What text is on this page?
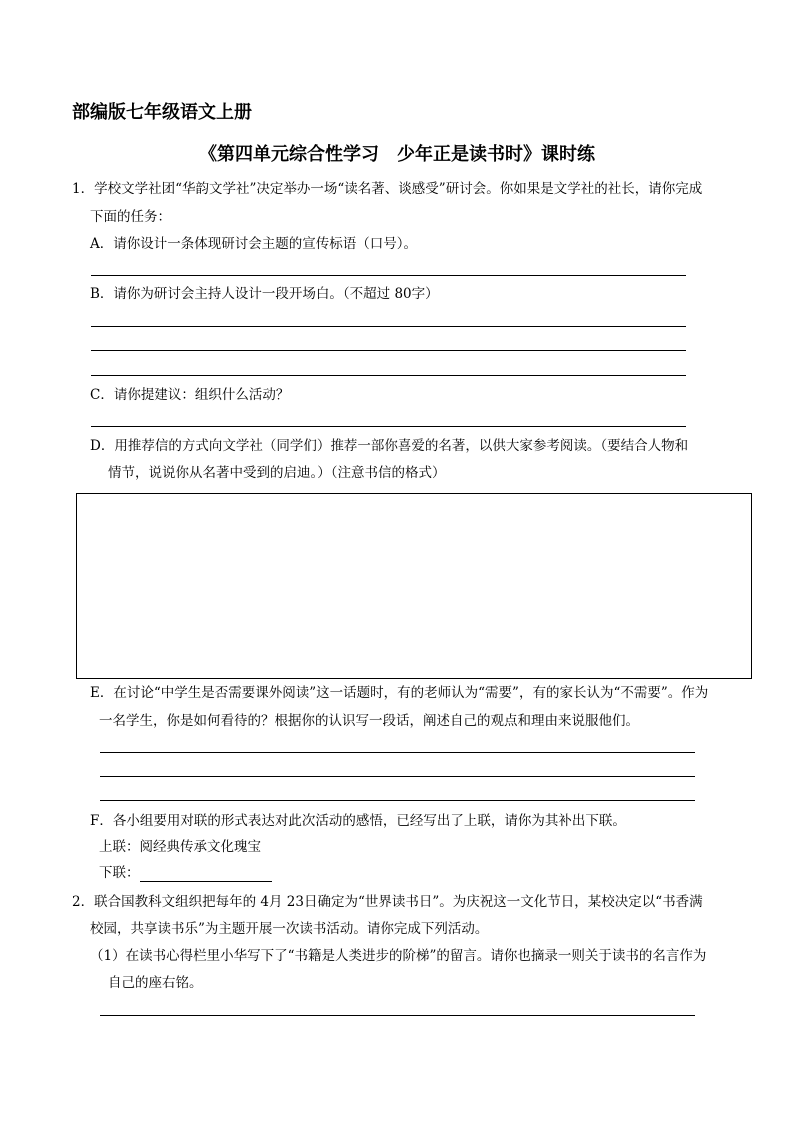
部编版七年级语文上册
《第四单元综合性学习　少年正是读书时》课时练
1．学校文学社团“华韵文学社”决定举办一场“读名著、谈感受”研讨会。你如果是文学社的社长，请你完成
下面的任务：
A．请你设计一条体现研讨会主题的宣传标语（口号）。
B．请你为研讨会主持人设计一段开场白。（不超过 80字）
C．请你提建议：组织什么活动？
D．用推荐信的方式向文学社（同学们）推荐一部你喜爱的名著，以供大家参考阅读。（要结合人物和
情节，说说你从名著中受到的启迪。）（注意书信的格式）
E．在讨论“中学生是否需要课外阅读”这一话题时，有的老师认为“需要”，有的家长认为“不需要”。作为
一名学生，你是如何看待的？根据你的认识写一段话，阐述自己的观点和理由来说服他们。
F．各小组要用对联的形式表达对此次活动的感悟，已经写出了上联，请你为其补出下联。
上联：阅经典传承文化瑰宝
下联：
2．联合国教科文组织把每年的 4月 23日确定为“世界读书日”。为庆祝这一文化节日，某校决定以“书香满
校园，共享读书乐”为主题开展一次读书活动。请你完成下列活动。
（1）在读书心得栏里小华写下了“书籍是人类进步的阶梯”的留言。请你也摘录一则关于读书的名言作为
自己的座右铭。
